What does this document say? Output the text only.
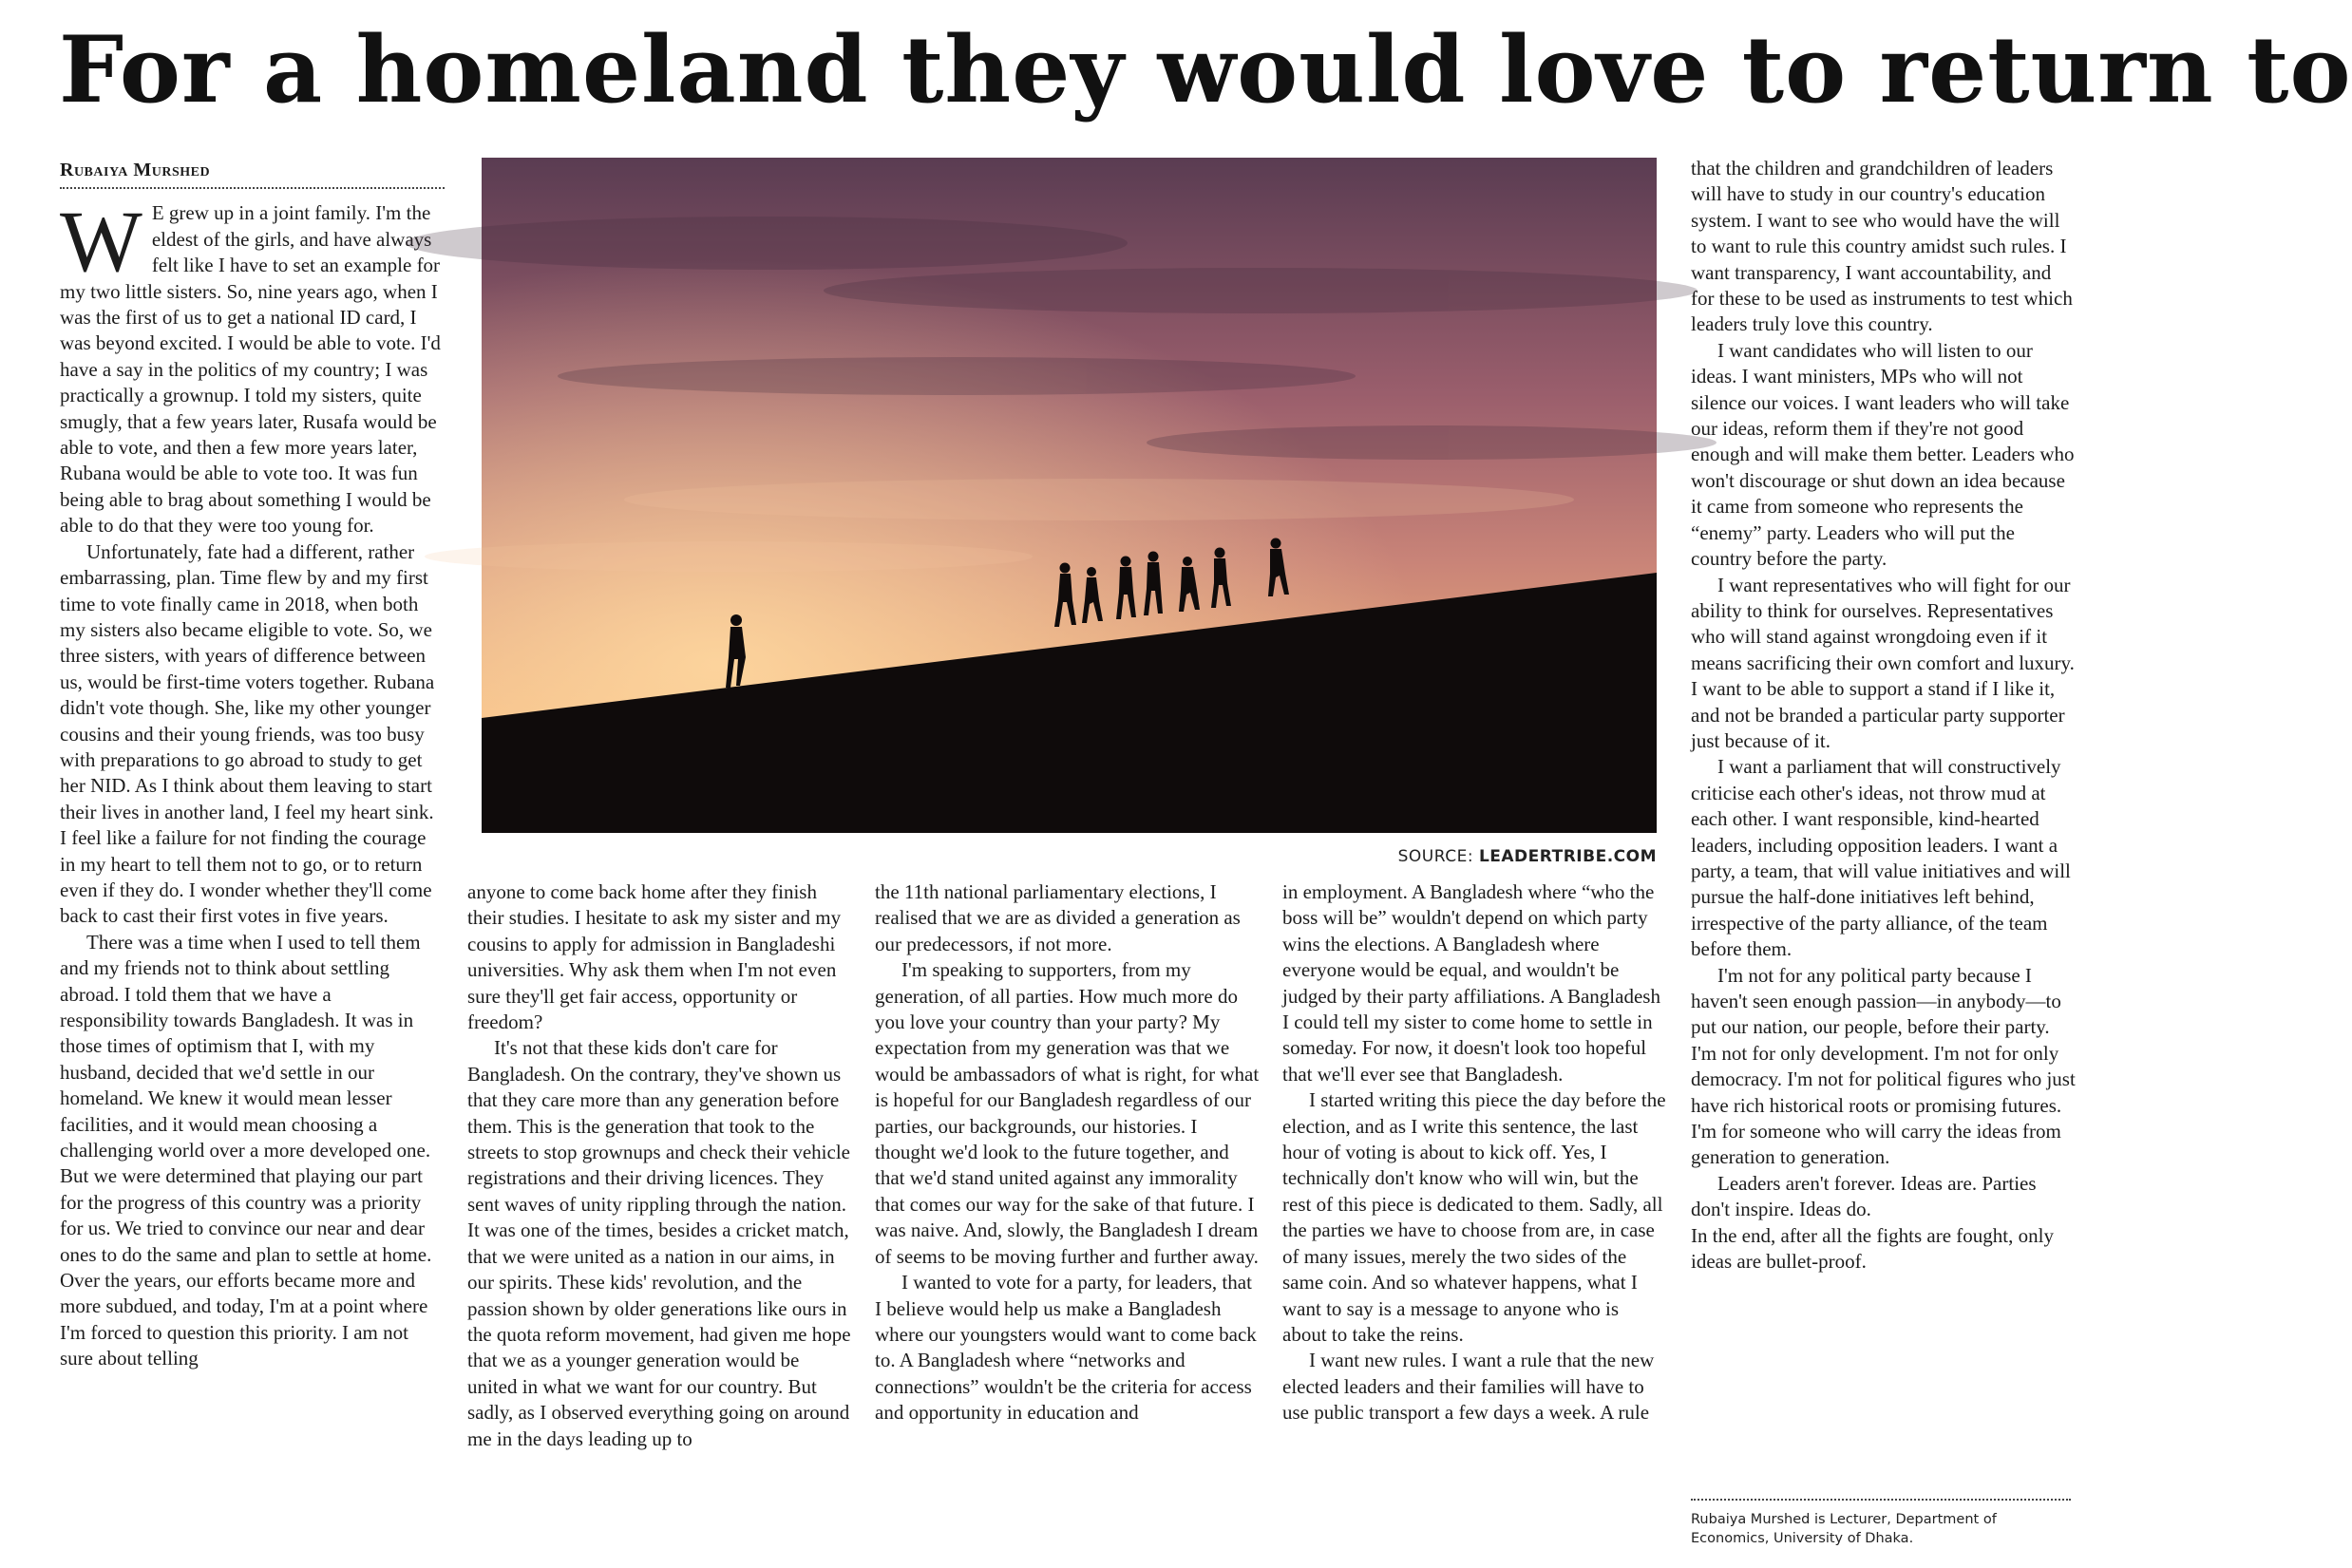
For a homeland they would love to return to
Rubaiya Murshed

W E grew up in a joint family. I'm the eldest of the girls, and have always felt like I have to set an example for my two little sisters. So, nine years ago, when I was the first of us to get a national ID card, I was beyond excited. I would be able to vote. I'd have a say in the politics of my country; I was practically a grownup. I told my sisters, quite smugly, that a few years later, Rusafa would be able to vote, and then a few more years later, Rubana would be able to vote too. It was fun being able to brag about something I would be able to do that they were too young for.

Unfortunately, fate had a different, rather embarrassing, plan. Time flew by and my first time to vote finally came in 2018, when both my sisters also became eligible to vote. So, we three sisters, with years of difference between us, would be first-time voters together. Rubana didn't vote though. She, like my other younger cousins and their young friends, was too busy with preparations to go abroad to study to get her NID. As I think about them leaving to start their lives in another land, I feel my heart sink. I feel like a failure for not finding the courage in my heart to tell them not to go, or to return even if they do. I wonder whether they'll come back to cast their first votes in five years.

There was a time when I used to tell them and my friends not to think about settling abroad. I told them that we have a responsibility towards Bangladesh. It was in those times of optimism that I, with my husband, decided that we'd settle in our homeland. We knew it would mean lesser facilities, and it would mean choosing a challenging world over a more developed one. But we were determined that playing our part for the progress of this country was a priority for us. We tried to convince our near and dear ones to do the same and plan to settle at home. Over the years, our efforts became more and more subdued, and today, I'm at a point where I'm forced to question this priority. I am not sure about telling

SOURCE: LEADERTRIBE.COM

anyone to come back home after they finish their studies. I hesitate to ask my sister and my cousins to apply for admission in Bangladeshi universities. Why ask them when I'm not even sure they'll get fair access, opportunity or freedom?

It's not that these kids don't care for Bangladesh. On the contrary, they've shown us that they care more than any generation before them. This is the generation that took to the streets to stop grownups and check their vehicle registrations and their driving licences. They sent waves of unity rippling through the nation. It was one of the times, besides a cricket match, that we were united as a nation in our aims, in our spirits. These kids' revolution, and the passion shown by older generations like ours in the quota reform movement, had given me hope that we as a younger generation would be united in what we want for our country. But sadly, as I observed everything going on around me in the days leading up to

the 11th national parliamentary elections, I realised that we are as divided a generation as our predecessors, if not more.

I'm speaking to supporters, from my generation, of all parties. How much more do you love your country than your party? My expectation from my generation was that we would be ambassadors of what is right, for what is hopeful for our Bangladesh regardless of our parties, our backgrounds, our histories. I thought we'd look to the future together, and that we'd stand united against any immorality that comes our way for the sake of that future. I was naive. And, slowly, the Bangladesh I dream of seems to be moving further and further away.

I wanted to vote for a party, for leaders, that I believe would help us make a Bangladesh where our youngsters would want to come back to. A Bangladesh where “networks and connections” wouldn't be the criteria for access and opportunity in education and

in employment. A Bangladesh where “who the boss will be” wouldn't depend on which party wins the elections. A Bangladesh where everyone would be equal, and wouldn't be judged by their party affiliations. A Bangladesh I could tell my sister to come home to settle in someday. For now, it doesn't look too hopeful that we'll ever see that Bangladesh.

I started writing this piece the day before the election, and as I write this sentence, the last hour of voting is about to kick off. Yes, I technically don't know who will win, but the rest of this piece is dedicated to them. Sadly, all the parties we have to choose from are, in case of many issues, merely the two sides of the same coin. And so whatever happens, what I want to say is a message to anyone who is about to take the reins.

I want new rules. I want a rule that the new elected leaders and their families will have to use public transport a few days a week. A rule

that the children and grandchildren of leaders will have to study in our country's education system. I want to see who would have the will to want to rule this country amidst such rules. I want transparency, I want accountability, and for these to be used as instruments to test which leaders truly love this country.

I want candidates who will listen to our ideas. I want ministers, MPs who will not silence our voices. I want leaders who will take our ideas, reform them if they're not good enough and will make them better. Leaders who won't discourage or shut down an idea because it came from someone who represents the “enemy” party. Leaders who will put the country before the party.

I want representatives who will fight for our ability to think for ourselves. Representatives who will stand against wrongdoing even if it means sacrificing their own comfort and luxury. I want to be able to support a stand if I like it, and not be branded a particular party supporter just because of it.

I want a parliament that will constructively criticise each other's ideas, not throw mud at each other. I want responsible, kind-hearted leaders, including opposition leaders. I want a party, a team, that will value initiatives and will pursue the half-done initiatives left behind, irrespective of the party alliance, of the team before them.

I'm not for any political party because I haven't seen enough passion—in anybody—to put our nation, our people, before their party. I'm not for only development. I'm not for only democracy. I'm not for political figures who just have rich historical roots or promising futures. I'm for someone who will carry the ideas from generation to generation.

Leaders aren't forever. Ideas are. Parties don't inspire. Ideas do.

In the end, after all the fights are fought, only ideas are bullet-proof.

Rubaiya Murshed is Lecturer, Department of Economics, University of Dhaka.
